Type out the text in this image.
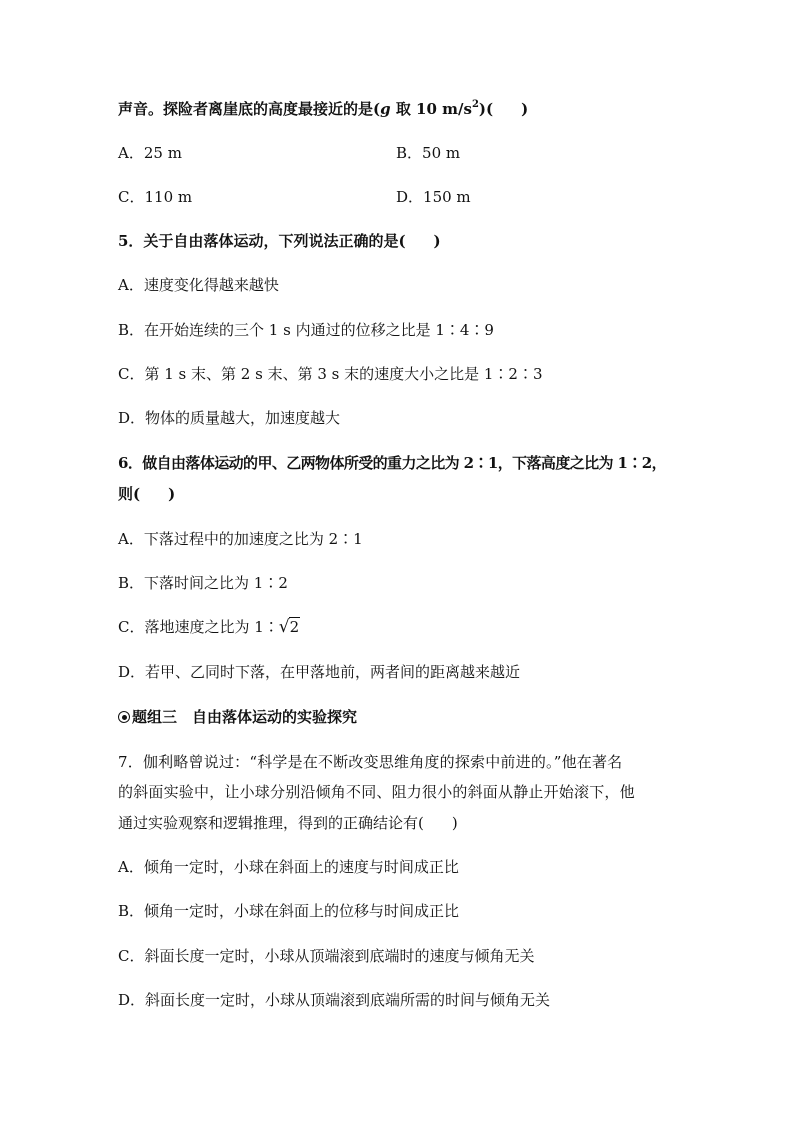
声音。探险者离崖底的高度最接近的是(g 取 10 $m/s^2$)( )
A．25 m	B．50 m
C．110 m	D．150 m
5．关于自由落体运动，下列说法正确的是( )
A．速度变化得越来越快
B．在开始连续的三个 1 s 内通过的位移之比是 1∶4∶9
C．第 1 s 末、第 2 s 末、第 3 s 末的速度大小之比是 1∶2∶3
D．物体的质量越大，加速度越大
6．做自由落体运动的甲、乙两物体所受的重力之比为 2∶1，下落高度之比为 1∶2，
则( )
A．下落过程中的加速度之比为 2∶1
B．下落时间之比为 1∶2
C．落地速度之比为 1∶√2
D．若甲、乙同时下落，在甲落地前，两者间的距离越来越近
题组三　自由落体运动的实验探究
7．伽利略曾说过：“科学是在不断改变思维角度的探索中前进的。”他在著名
的斜面实验中，让小球分别沿倾角不同、阻力很小的斜面从静止开始滚下，他
通过实验观察和逻辑推理，得到的正确结论有( )
A．倾角一定时，小球在斜面上的速度与时间成正比
B．倾角一定时，小球在斜面上的位移与时间成正比
C．斜面长度一定时，小球从顶端滚到底端时的速度与倾角无关
D．斜面长度一定时，小球从顶端滚到底端所需的时间与倾角无关
